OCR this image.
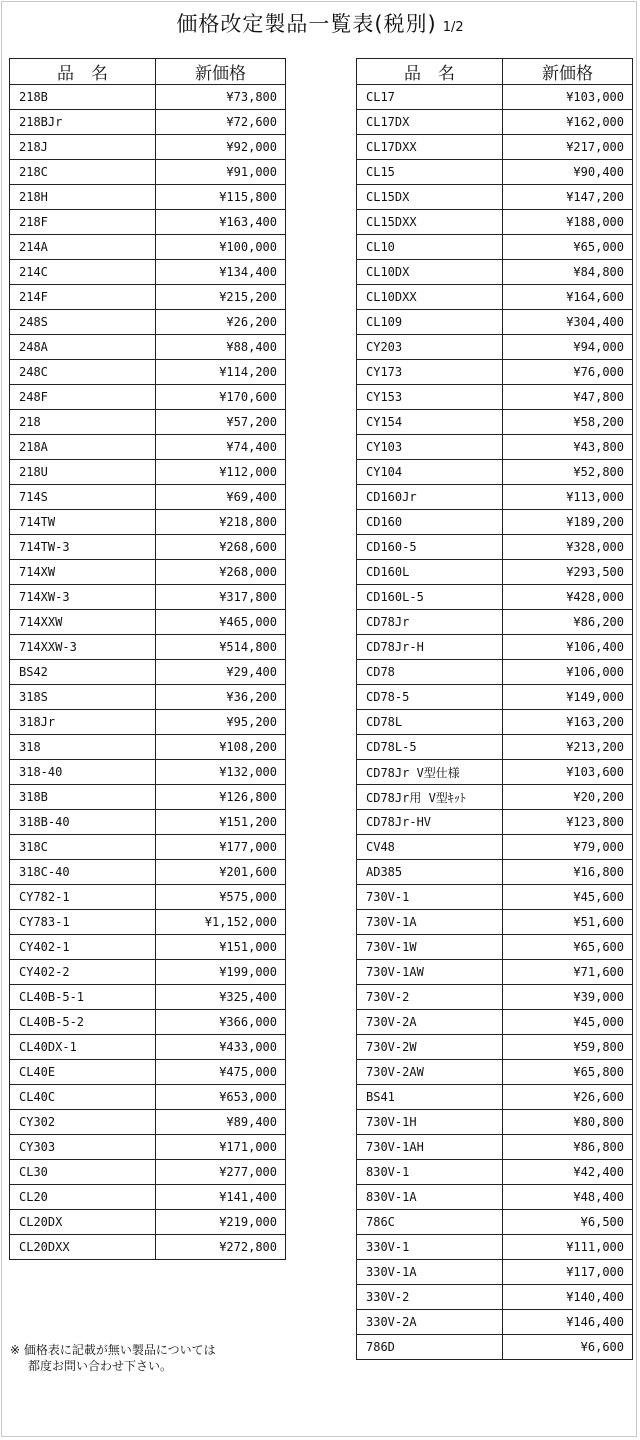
価格改定製品一覧表(税別) 1/2
品　名	新価格
218B	¥73,800
218BJr	¥72,600
218J	¥92,000
218C	¥91,000
218H	¥115,800
218F	¥163,400
214A	¥100,000
214C	¥134,400
214F	¥215,200
248S	¥26,200
248A	¥88,400
248C	¥114,200
248F	¥170,600
218	¥57,200
218A	¥74,400
218U	¥112,000
714S	¥69,400
714TW	¥218,800
714TW-3	¥268,600
714XW	¥268,000
714XW-3	¥317,800
714XXW	¥465,000
714XXW-3	¥514,800
BS42	¥29,400
318S	¥36,200
318Jr	¥95,200
318	¥108,200
318-40	¥132,000
318B	¥126,800
318B-40	¥151,200
318C	¥177,000
318C-40	¥201,600
CY782-1	¥575,000
CY783-1	¥1,152,000
CY402-1	¥151,000
CY402-2	¥199,000
CL40B-5-1	¥325,400
CL40B-5-2	¥366,000
CL40DX-1	¥433,000
CL40E	¥475,000
CL40C	¥653,000
CY302	¥89,400
CY303	¥171,000
CL30	¥277,000
CL20	¥141,400
CL20DX	¥219,000
CL20DXX	¥272,800
品　名	新価格
CL17	¥103,000
CL17DX	¥162,000
CL17DXX	¥217,000
CL15	¥90,400
CL15DX	¥147,200
CL15DXX	¥188,000
CL10	¥65,000
CL10DX	¥84,800
CL10DXX	¥164,600
CL109	¥304,400
CY203	¥94,000
CY173	¥76,000
CY153	¥47,800
CY154	¥58,200
CY103	¥43,800
CY104	¥52,800
CD160Jr	¥113,000
CD160	¥189,200
CD160-5	¥328,000
CD160L	¥293,500
CD160L-5	¥428,000
CD78Jr	¥86,200
CD78Jr-H	¥106,400
CD78	¥106,000
CD78-5	¥149,000
CD78L	¥163,200
CD78L-5	¥213,200
CD78Jr V型仕様	¥103,600
CD78Jr用 V型ｷｯﾄ	¥20,200
CD78Jr-HV	¥123,800
CV48	¥79,000
AD385	¥16,800
730V-1	¥45,600
730V-1A	¥51,600
730V-1W	¥65,600
730V-1AW	¥71,600
730V-2	¥39,000
730V-2A	¥45,000
730V-2W	¥59,800
730V-2AW	¥65,800
BS41	¥26,600
730V-1H	¥80,800
730V-1AH	¥86,800
830V-1	¥42,400
830V-1A	¥48,400
786C	¥6,500
330V-1	¥111,000
330V-1A	¥117,000
330V-2	¥140,400
330V-2A	¥146,400
786D	¥6,600
※ 価格表に記載が無い製品については
都度お問い合わせ下さい。
